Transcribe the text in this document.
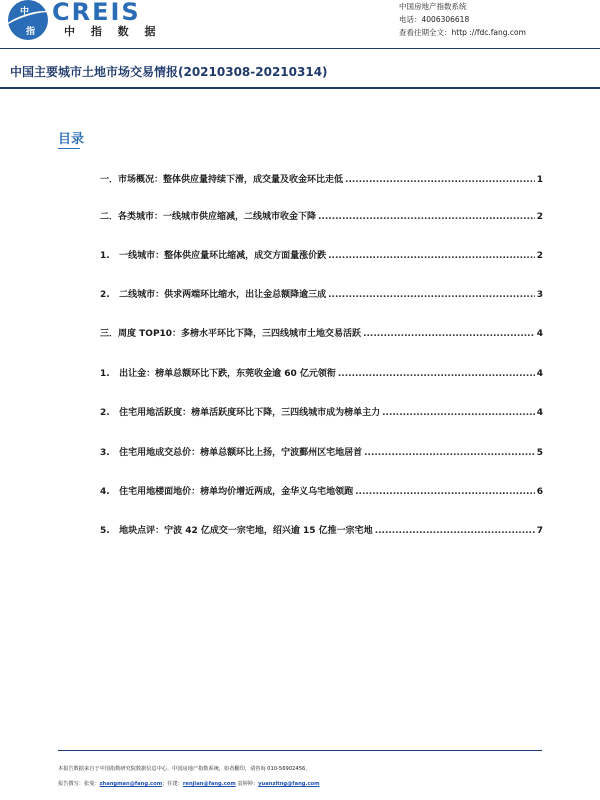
中
指
CREIS
中 指 数 据
中国房地产指数系统
电话：4006306618
查看往期全文：http ://fdc.fang.com
中国主要城市土地市场交易情报(20210308-20210314)
目录
一． 市场概况：整体供应量持续下滑，成交量及收金环比走低 .....	1
二． 各类城市：一线城市供应缩减，二线城市收金下降 .....	2
1. 一线城市：整体供应量环比缩减，成交方面量涨价跌 .....	2
2. 二线城市：供求两端环比缩水，出让金总额降逾三成 .....	3
三． 周度 TOP10：多榜水平环比下降，三四线城市土地交易活跃 .....	4
1. 出让金：榜单总额环比下跌，东莞收金逾 60 亿元领衔 .....	4
2. 住宅用地活跃度：榜单活跃度环比下降，三四线城市成为榜单主力 .....	4
3. 住宅用地成交总价：榜单总额环比上扬，宁波鄞州区宅地居首 .....	5
4. 住宅用地楼面地价：榜单均价增近两成，金华义乌宅地领跑 .....	6
5. 地块点评：宁波 42 亿成交一宗宅地，绍兴逾 15 亿推一宗宅地 .....	7
本报告数据来自于中国指数研究院数据信息中心、中国房地产指数系统，如者翻印，请咨询 010-56902456。
报告撰写：张曼：zhangman@fang.com；任建：renjian@fang.com 袁婷婷：yuanzitng@fang.com
